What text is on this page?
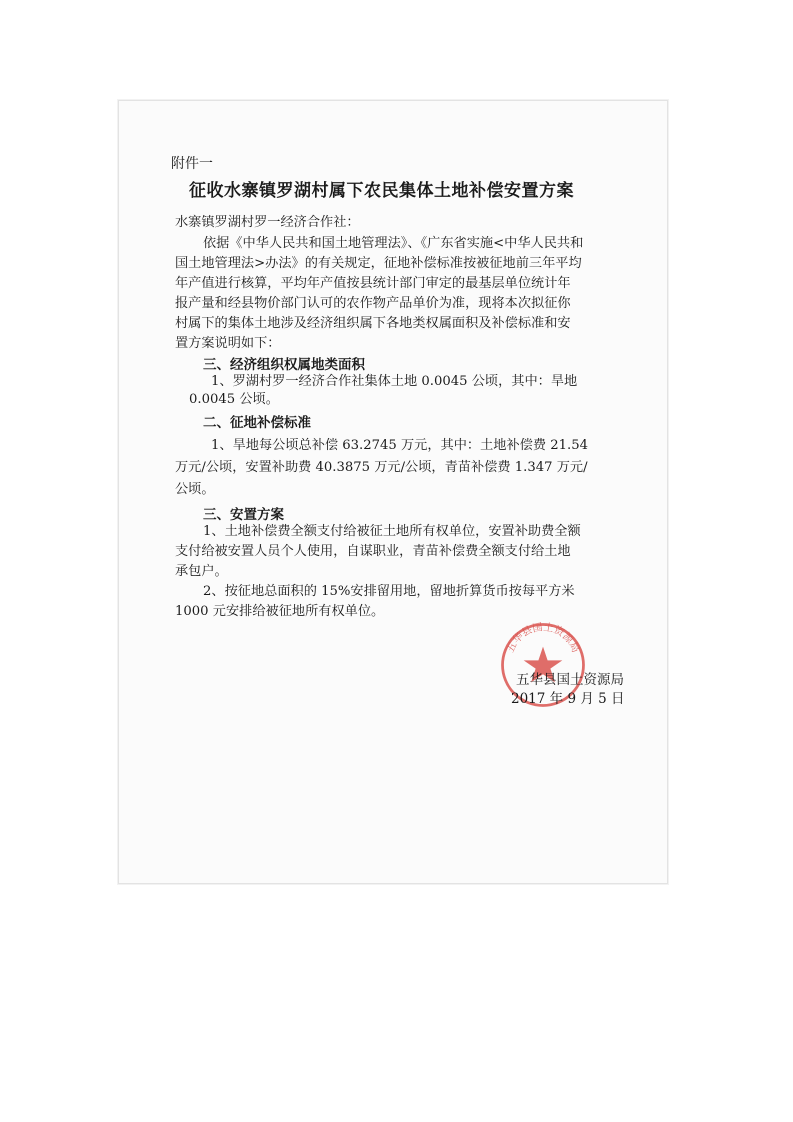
附件一
征收水寨镇罗湖村属下农民集体土地补偿安置方案
水寨镇罗湖村罗一经济合作社：
依据《中华人民共和国土地管理法》、《广东省实施<中华人民共和
国土地管理法>办法》的有关规定，征地补偿标准按被征地前三年平均
年产值进行核算，平均年产值按县统计部门审定的最基层单位统计年
报产量和经县物价部门认可的农作物产品单价为准，现将本次拟征你
村属下的集体土地涉及经济组织属下各地类权属面积及补偿标准和安
置方案说明如下：
三、经济组织权属地类面积
1、罗湖村罗一经济合作社集体土地 0.0045 公顷，其中：旱地
0.0045 公顷。
二、征地补偿标准
1、旱地每公顷总补偿 63.2745 万元，其中：土地补偿费 21.54
万元/公顷，安置补助费 40.3875 万元/公顷，青苗补偿费 1.347 万元/
公顷。
三、安置方案
1、土地补偿费全额支付给被征土地所有权单位，安置补助费全额
支付给被安置人员个人使用，自谋职业，青苗补偿费全额支付给土地
承包户。
2、按征地总面积的 15%安排留用地，留地折算货币按每平方米
1000 元安排给被征地所有权单位。
五华县国土资源局
五华县国土资源局
2017 年 9 月 5 日
